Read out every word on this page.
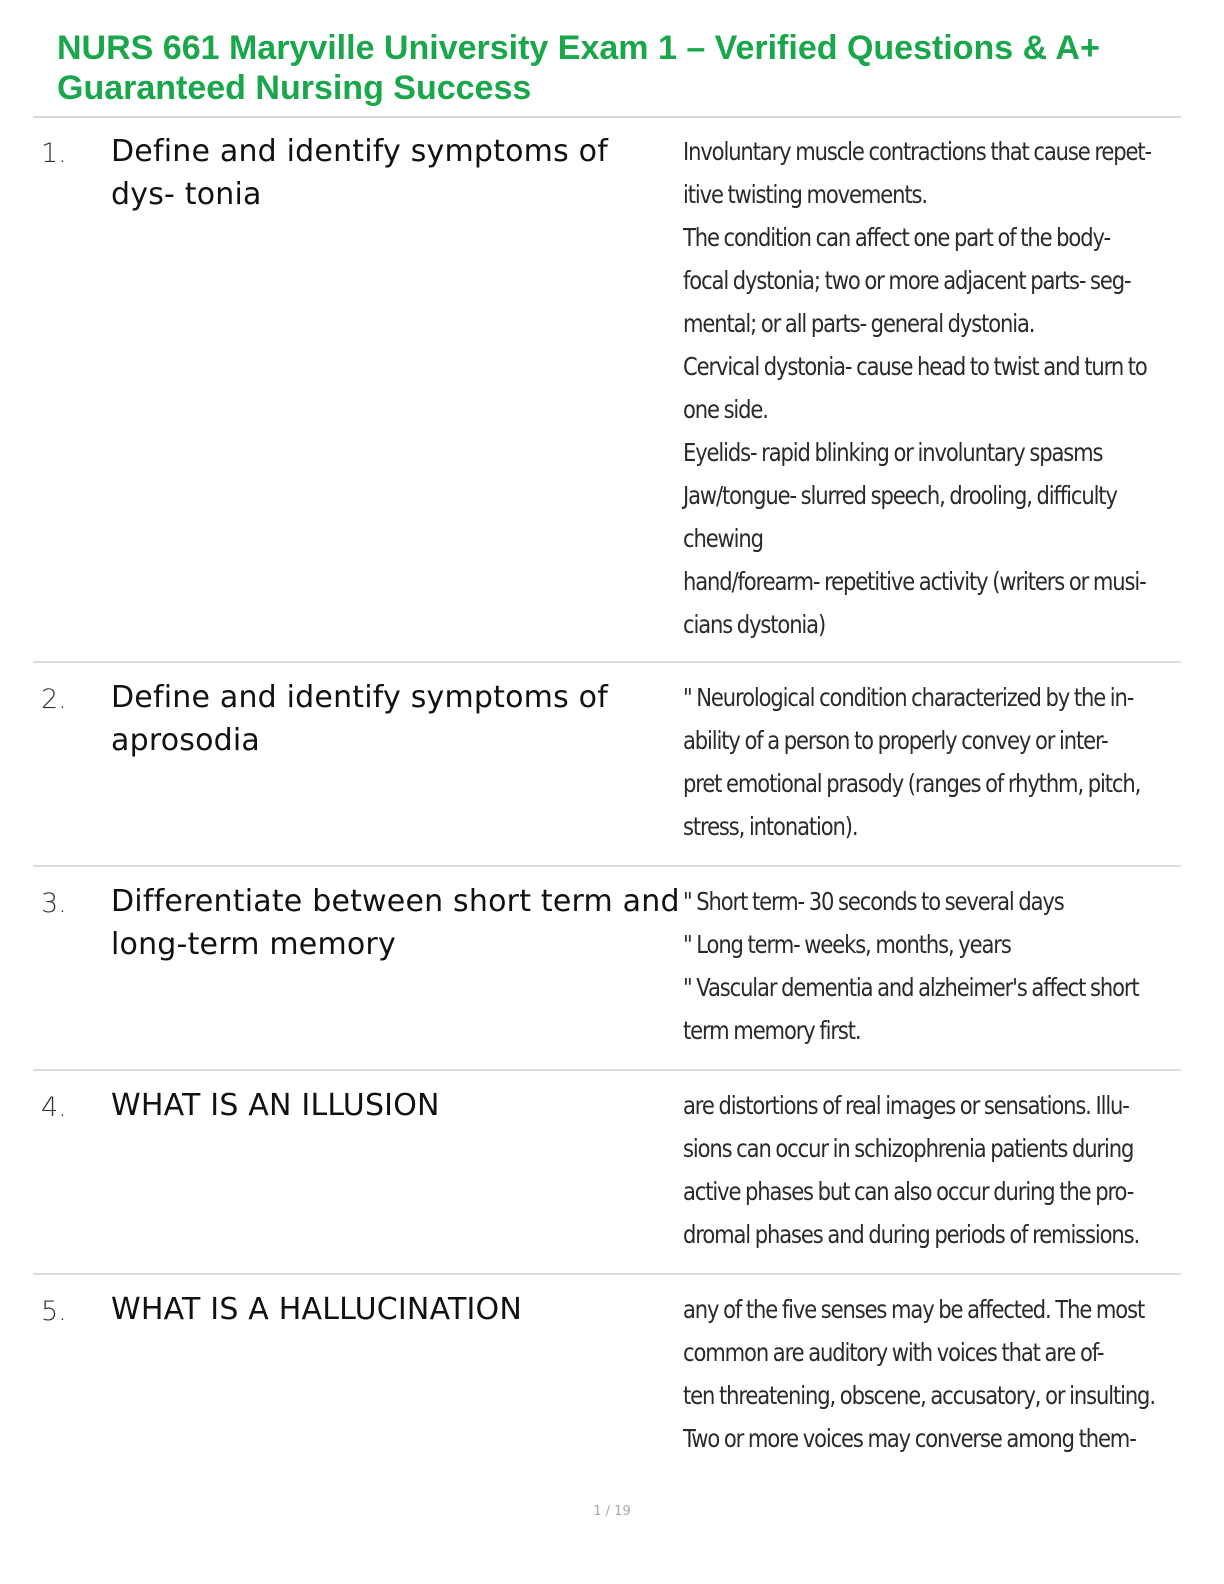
NURS 661 Maryville University Exam 1 – Verified Questions & A+ Guaranteed Nursing Success
1. Define and identify symptoms of dys- tonia

Involuntary muscle contractions that cause repet-
itive twisting movements.
The condition can affect one part of the body-
focal dystonia; two or more adjacent parts- seg-
mental; or all parts- general dystonia.
Cervical dystonia- cause head to twist and turn to
one side.
Eyelids- rapid blinking or involuntary spasms
Jaw/tongue- slurred speech, drooling, difficulty
chewing
hand/forearm- repetitive activity (writers or musi-
cians dystonia)
2. Define and identify symptoms of aprosodia

" Neurological condition characterized by the in-
ability of a person to properly convey or inter-
pret emotional prasody (ranges of rhythm, pitch,
stress, intonation).
3. Differentiate between short term and long-term memory

" Short term- 30 seconds to several days
" Long term- weeks, months, years
" Vascular dementia and alzheimer's affect short
term memory first.
4. WHAT IS AN ILLUSION	are distortions of real images or sensations. Illu-
sions can occur in schizophrenia patients during
active phases but can also occur during the pro-
dromal phases and during periods of remissions.
5. WHAT IS A HALLUCINATION	any of the five senses may be affected. The most
common are auditory with voices that are of-
ten threatening, obscene, accusatory, or insulting.
Two or more voices may converse among them-
1 / 19
